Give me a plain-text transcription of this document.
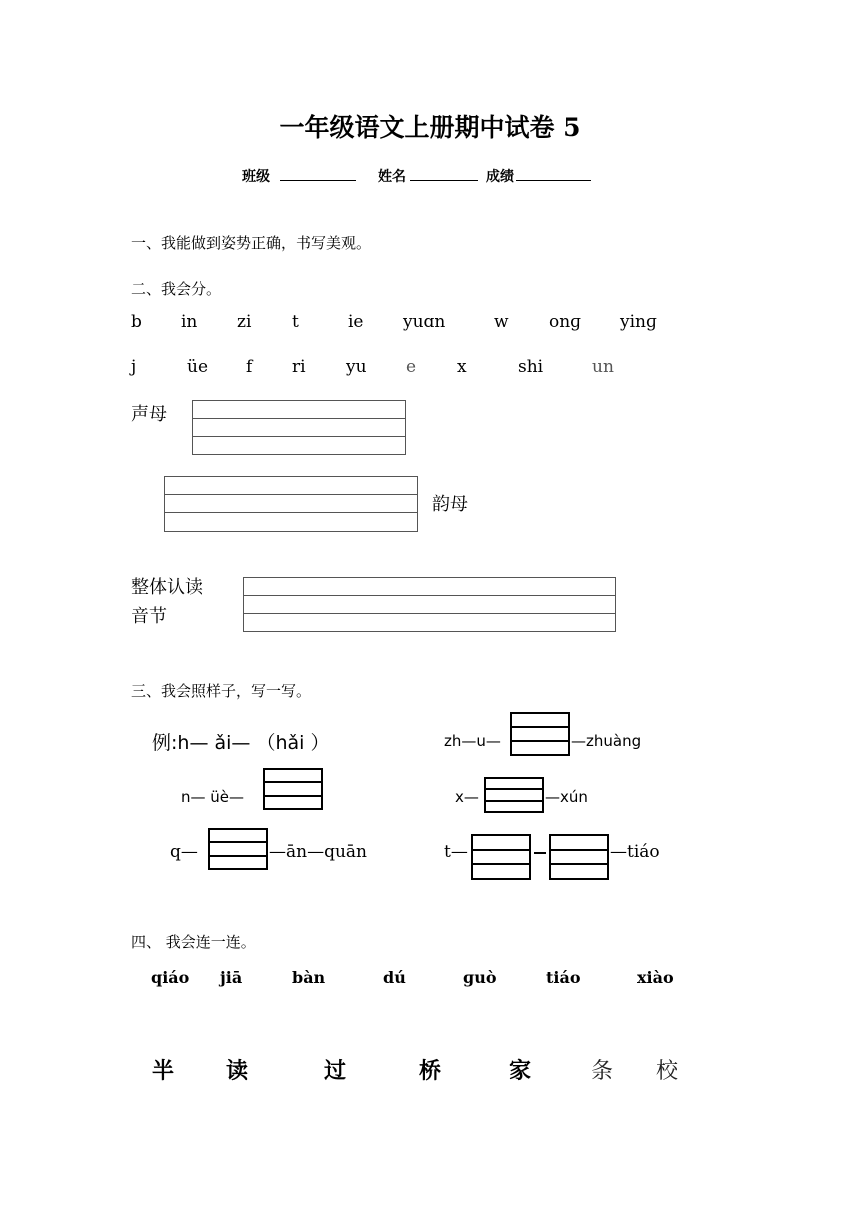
一年级语文上册期中试卷 5
班级	姓名	成绩
一、我能做到姿势正确，书写美观。
二、我会分。
b in zi t	ie yuɑn	w onɡ yinɡ
j	üe f ri yu e x	shi	un
声母
韵母
整体认读
音节
三、我会照样子，写一写。
例:h— ǎi— （hǎi ）	zh—u—	—zhuàng
n— üè—	x—	—xún
q—	—ān—quān	t—	—tiáo
四、 我会连一连。
qiáo jiā	bàn	dú	ɡuò	tiáo	xiào
半 读	过	桥	家	条 校
